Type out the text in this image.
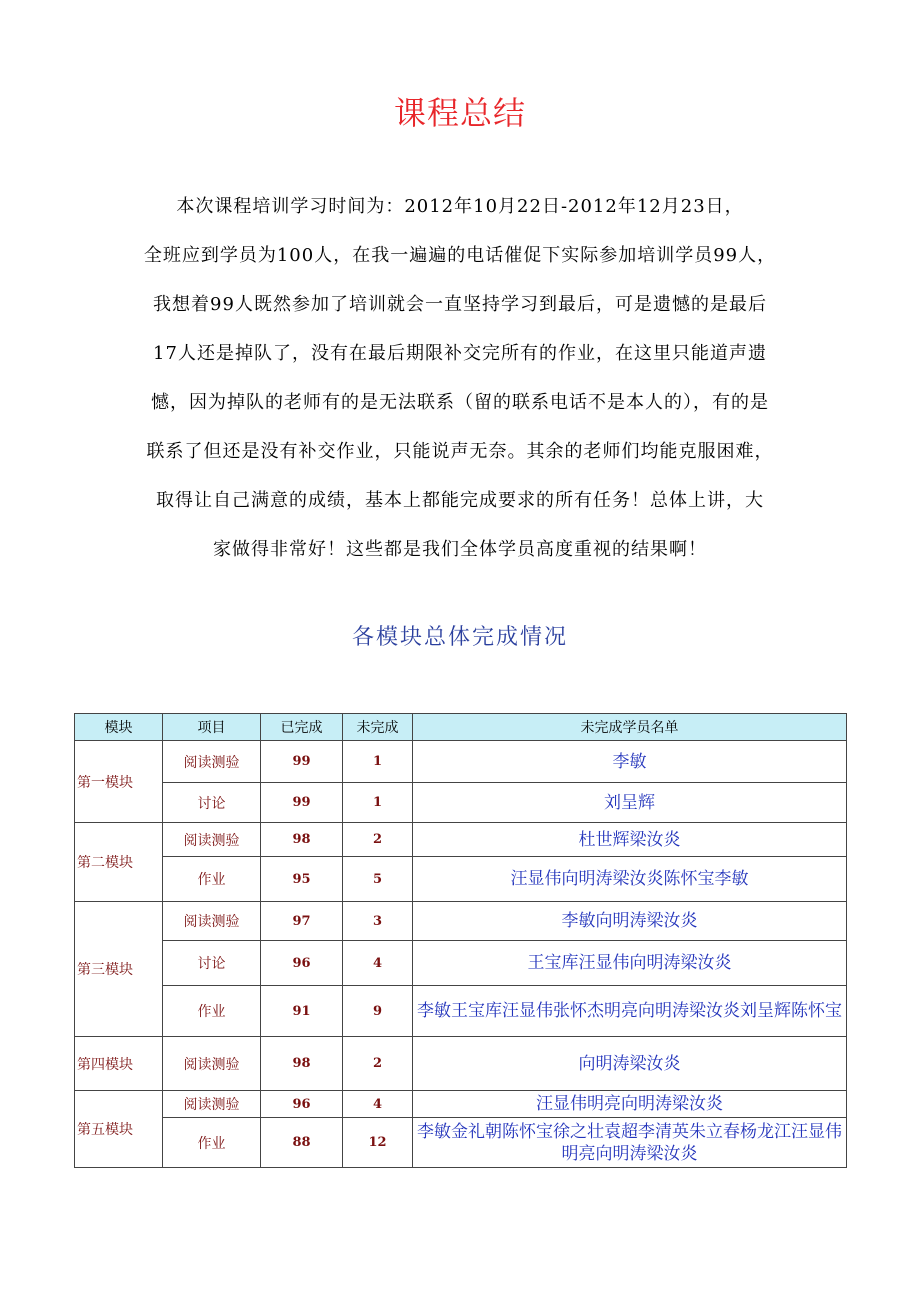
课程总结
本次课程培训学习时间为：2012年10月22日-2012年12月23日，
全班应到学员为100人，在我一遍遍的电话催促下实际参加培训学员99人，
我想着99人既然参加了培训就会一直坚持学习到最后，可是遗憾的是最后
17人还是掉队了，没有在最后期限补交完所有的作业，在这里只能道声遗
憾，因为掉队的老师有的是无法联系（留的联系电话不是本人的），有的是
联系了但还是没有补交作业，只能说声无奈。其余的老师们均能克服困难，
取得让自己满意的成绩，基本上都能完成要求的所有任务！总体上讲，大
家做得非常好！这些都是我们全体学员高度重视的结果啊！
各模块总体完成情况
模块	项目	已完成	未完成	未完成学员名单
第一模块	阅读测验	99	1	李敏
	讨论	99	1	刘呈辉
第二模块	阅读测验	98	2	杜世辉梁汝炎
	作业	95	5	汪显伟向明涛梁汝炎陈怀宝李敏
第三模块	阅读测验	97	3	李敏向明涛梁汝炎
	讨论	96	4	王宝库汪显伟向明涛梁汝炎
	作业	91	9	李敏王宝库汪显伟张怀杰明亮向明涛梁汝炎刘呈辉陈怀宝
第四模块	阅读测验	98	2	向明涛梁汝炎
第五模块	阅读测验	96	4	汪显伟明亮向明涛梁汝炎
	作业	88	12	李敏金礼朝陈怀宝徐之壮袁超李清英朱立春杨龙江汪显伟明亮向明涛梁汝炎
